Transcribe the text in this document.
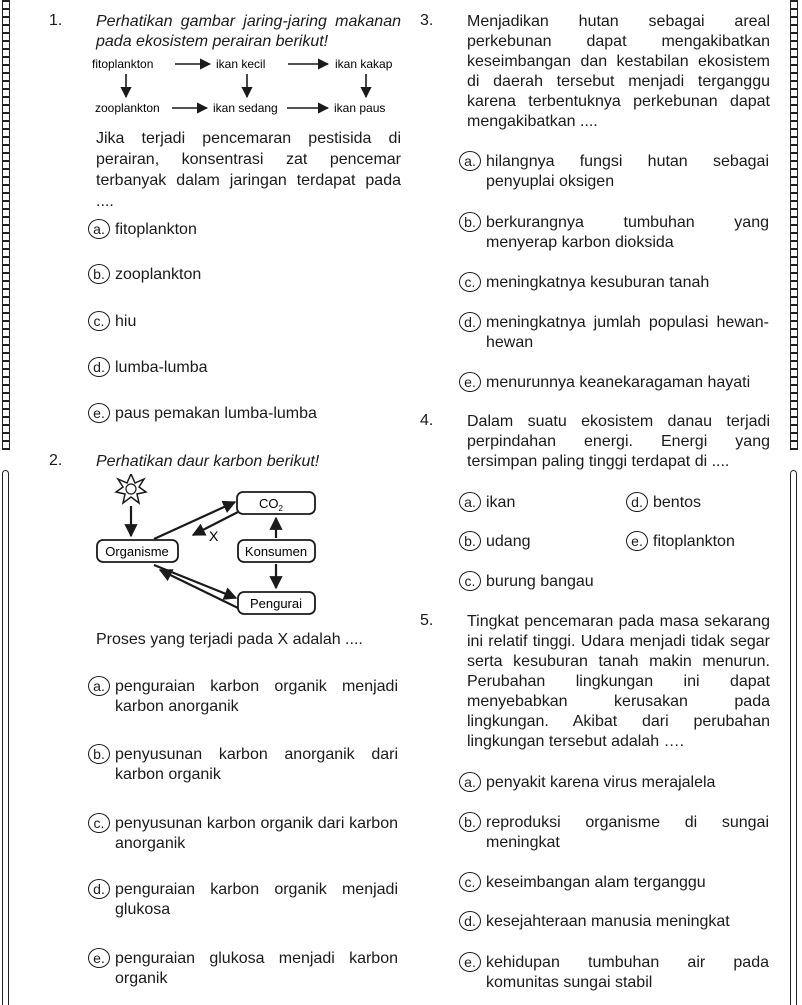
1. Perhatikan gambar jaring-jaring makanan pada ekosistem perairan berikut!
fitoplankton	ikan kecil	ikan kakap
zooplankton	ikan sedang	ikan paus
Jika terjadi pencemaran pestisida di perairan, konsentrasi zat pencemar terbanyak dalam jaringan terdapat pada ....
a. fitoplankton
b. zooplankton
c. hiu
d. lumba-lumba
e. paus pemakan lumba-lumba
2. Perhatikan daur karbon berikut!
Organisme
$CO_2$
Konsumen
Pengurai
X
Proses yang terjadi pada X adalah ....
a. penguraian karbon organik menjadi karbon anorganik
b. penyusunan karbon anorganik dari karbon organik
c. penyusunan karbon organik dari karbon anorganik
d. penguraian karbon organik menjadi glukosa
e. penguraian glukosa menjadi karbon organik
3. Menjadikan hutan sebagai areal perkebunan dapat mengakibatkan keseimbangan dan kestabilan ekosistem di daerah tersebut menjadi terganggu karena terbentuknya perkebunan dapat mengakibatkan ....
a. hilangnya fungsi hutan sebagai penyuplai oksigen
b. berkurangnya tumbuhan yang menyerap karbon dioksida
c. meningkatnya kesuburan tanah
d. meningkatnya jumlah populasi hewan-hewan
e. menurunnya keanekaragaman hayati
4. Dalam suatu ekosistem danau terjadi perpindahan energi. Energi yang tersimpan paling tinggi terdapat di ....
a. ikan
b. udang
c. burung bangau
d. bentos
e. fitoplankton
5. Tingkat pencemaran pada masa sekarang ini relatif tinggi. Udara menjadi tidak segar serta kesuburan tanah makin menurun. Perubahan lingkungan ini dapat menyebabkan kerusakan pada lingkungan. Akibat dari perubahan lingkungan tersebut adalah ….
a. penyakit karena virus merajalela
b. reproduksi organisme di sungai meningkat
c. keseimbangan alam terganggu
d. kesejahteraan manusia meningkat
e. kehidupan tumbuhan air pada komunitas sungai stabil
